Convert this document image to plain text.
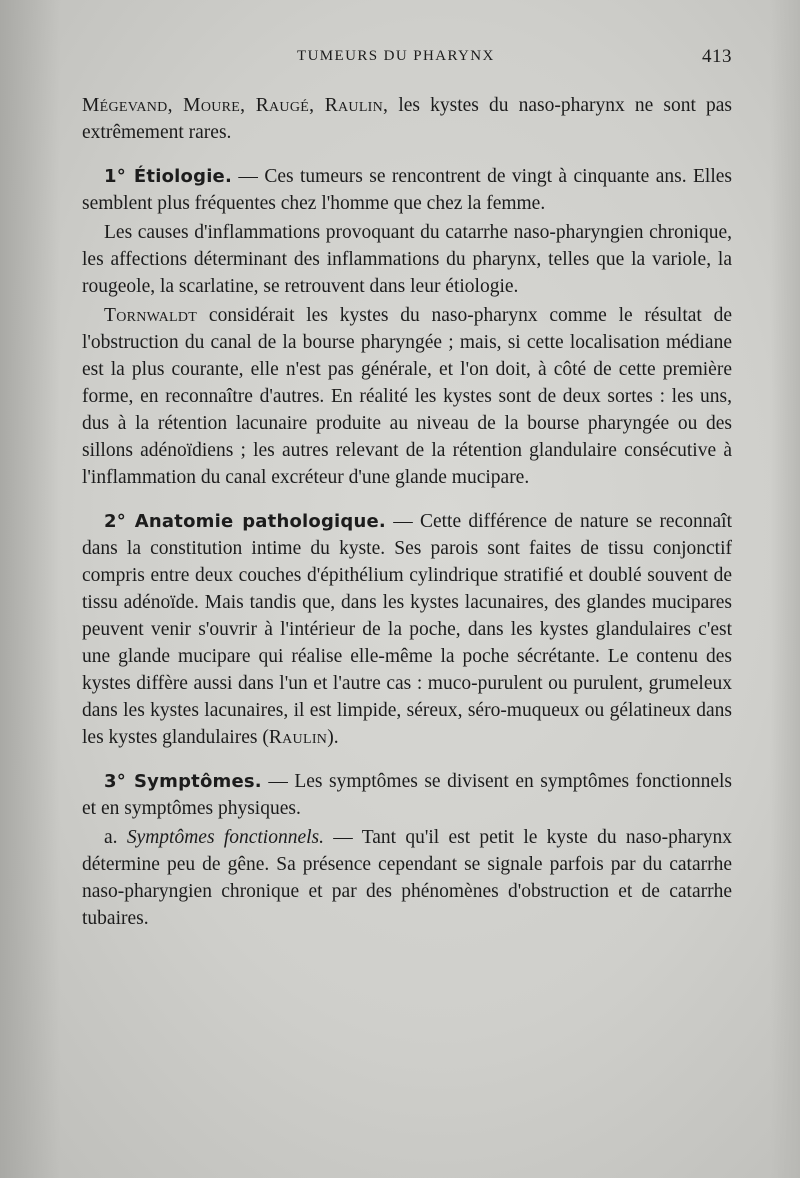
TUMEURS DU PHARYNX	413

Mégevand, Moure, Raugé, Raulin, les kystes du naso-pharynx ne sont pas extrêmement rares.

1° Étiologie. — Ces tumeurs se rencontrent de vingt à cinquante ans. Elles semblent plus fréquentes chez l'homme que chez la femme.

Les causes d'inflammations provoquant du catarrhe naso-pharyngien chronique, les affections déterminant des inflammations du pharynx, telles que la variole, la rougeole, la scarlatine, se retrouvent dans leur étiologie.

Tornwaldt considérait les kystes du naso-pharynx comme le résultat de l'obstruction du canal de la bourse pharyngée ; mais, si cette localisation médiane est la plus courante, elle n'est pas générale, et l'on doit, à côté de cette première forme, en reconnaître d'autres. En réalité les kystes sont de deux sortes : les uns, dus à la rétention lacunaire produite au niveau de la bourse pharyngée ou des sillons adénoïdiens ; les autres relevant de la rétention glandulaire consécutive à l'inflammation du canal excréteur d'une glande mucipare.

2° Anatomie pathologique. — Cette différence de nature se reconnaît dans la constitution intime du kyste. Ses parois sont faites de tissu conjonctif compris entre deux couches d'épithélium cylindrique stratifié et doublé souvent de tissu adénoïde. Mais tandis que, dans les kystes lacunaires, des glandes mucipares peuvent venir s'ouvrir à l'intérieur de la poche, dans les kystes glandulaires c'est une glande mucipare qui réalise elle-même la poche sécrétante. Le contenu des kystes diffère aussi dans l'un et l'autre cas : muco-purulent ou purulent, grumeleux dans les kystes lacunaires, il est limpide, séreux, séro-muqueux ou gélatineux dans les kystes glandulaires (Raulin).

3° Symptômes. — Les symptômes se divisent en symptômes fonctionnels et en symptômes physiques.

a. Symptômes fonctionnels. — Tant qu'il est petit le kyste du naso-pharynx détermine peu de gêne. Sa présence cependant se signale parfois par du catarrhe naso-pharyngien chronique et par des phénomènes d'obstruction et de catarrhe tubaires.
